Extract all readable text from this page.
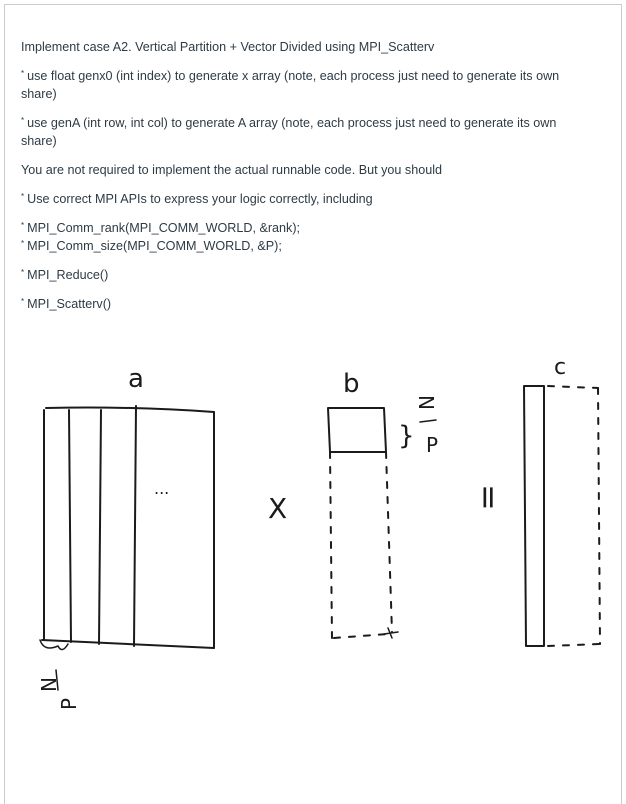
Implement case A2. Vertical Partition + Vector Divided using MPI_Scatterv

* use float genx0 (int index) to generate x array (note, each process just need to generate its own share)

* use genA (int row, int col) to generate A array (note, each process just need to generate its own share)

You are not required to implement the actual runnable code. But you should

* Use correct MPI APIs to express your logic correctly, including

* MPI_Comm_rank(MPI_COMM_WORLD, &rank);
* MPI_Comm_size(MPI_COMM_WORLD, &P);

* MPI_Reduce()

* MPI_Scatterv()

a
...
N
P
X
b
}
N
P
=
c
